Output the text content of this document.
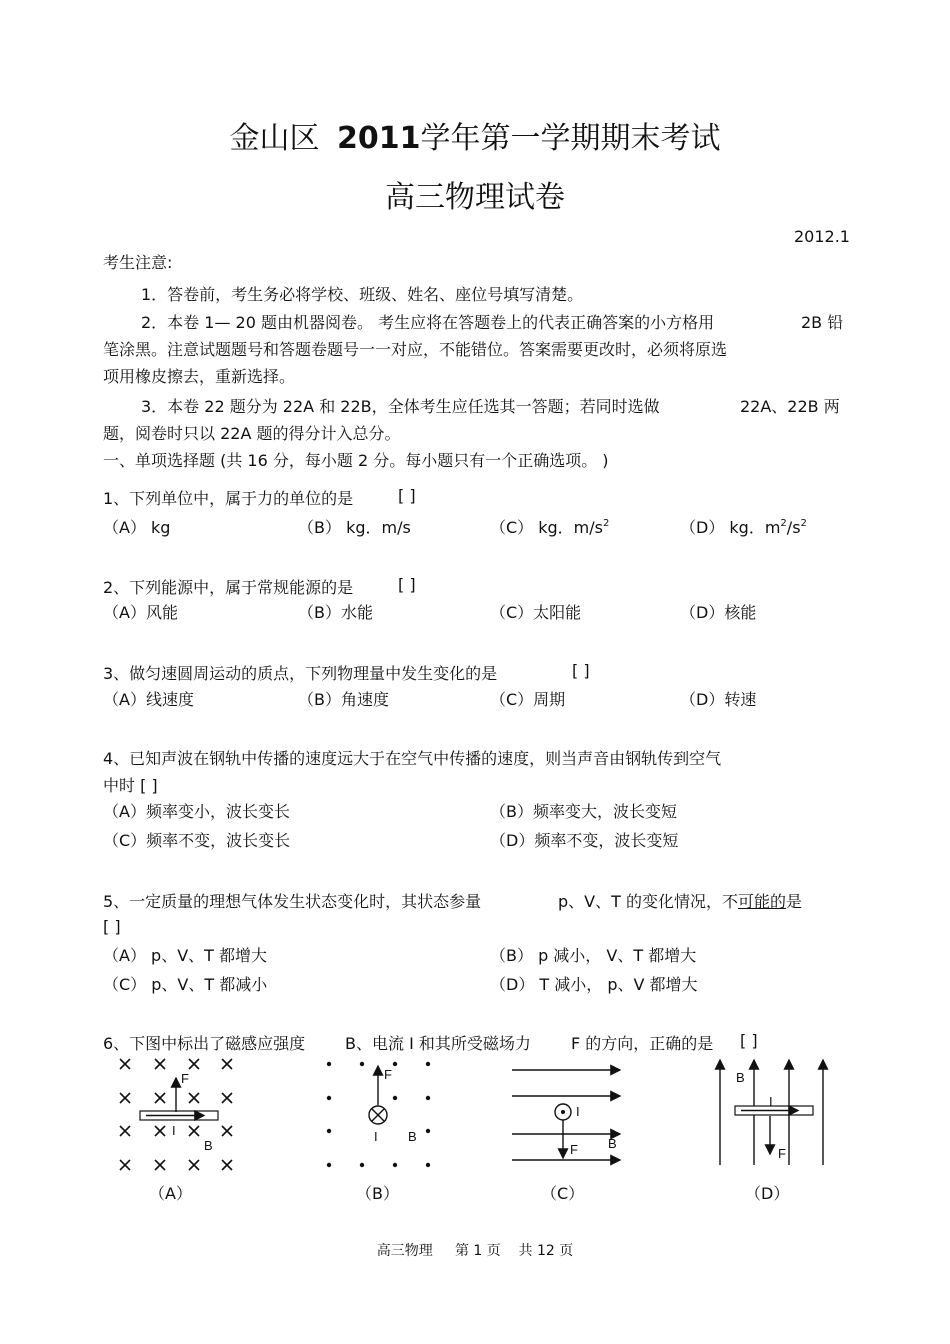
金山区 2011学年第一学期期末考试
高三物理试卷
2012.1
考生注意:
1．答卷前，考生务必将学校、班级、姓名、座位号填写清楚。
2．本卷 1— 20 题由机器阅卷。 考生应将在答题卷上的代表正确答案的小方格用	2B 铅
笔涂黑。注意试题题号和答题卷题号一一对应，不能错位。答案需要更改时，必须将原选
项用橡皮擦去，重新选择。
3．本卷 22 题分为 22A 和 22B，全体考生应任选其一答题；若同时选做	22A、22B 两
题，阅卷时只以 22A 题的得分计入总分。
一、单项选择题 (共 16 分，每小题 2 分。每小题只有一个正确选项。 )
1、下列单位中，属于力的单位的是	[ ]
（A） kg	（B） kg．m/s	（C） kg．$m/s^2$	（D） kg．$m^2/s^2$
2、下列能源中，属于常规能源的是	[ ]
（A）风能	（B）水能	（C）太阳能	（D）核能
3、做匀速圆周运动的质点，下列物理量中发生变化的是	[ ]
（A）线速度	（B）角速度	（C）周期	（D）转速
4、已知声波在钢轨中传播的速度远大于在空气中传播的速度，则当声音由钢轨传到空气
中时 [ ]
（A）频率变小，波长变长	（B）频率变大，波长变短
（C）频率不变，波长变长	（D）频率不变，波长变短
5、一定质量的理想气体发生状态变化时，其状态参量	p、V、T 的变化情况，不可能的是
[ ]
（A） p、V、T 都增大	（B） p 减小， V、T 都增大
（C） p、V、T 都减小	（D） T 减小， p、V 都增大
6、下图中标出了磁感应强度 B、电流 I 和其所受磁场力	F 的方向，正确的是 [ ]
F
I
B
F
I B
I
B
F
B
I
F
（A）	（B）	（C）	（D）
高三物理     第 1 页    共 12 页
